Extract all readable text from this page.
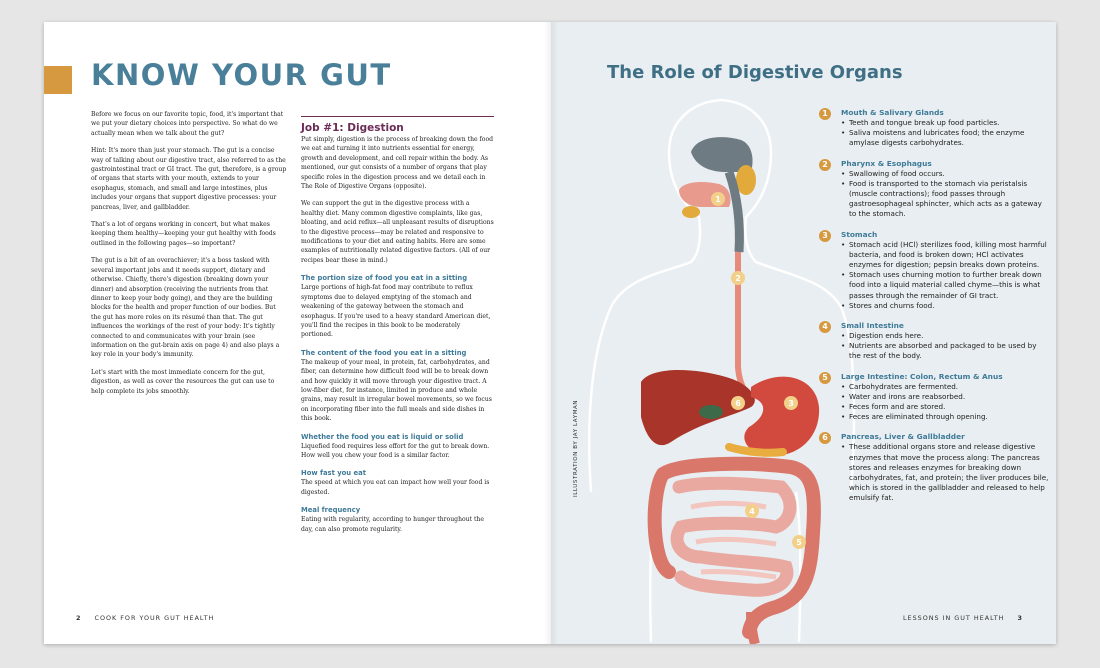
KNOW YOUR GUT

Before we focus on our favorite topic, food, it's important that we put your dietary choices into perspective. So what do we actually mean when we talk about the gut?

Hint: It's more than just your stomach. The gut is a concise way of talking about our digestive tract, also referred to as the gastrointestinal tract or GI tract. The gut, therefore, is a group of organs that starts with your mouth, extends to your esophagus, stomach, and small and large intestines, plus includes your organs that support digestive processes: your pancreas, liver, and gallbladder.

That's a lot of organs working in concert, but what makes keeping them healthy—keeping your gut healthy with foods outlined in the following pages—so important?

The gut is a bit of an overachiever; it's a boss tasked with several important jobs and it needs support, dietary and otherwise. Chiefly, there's digestion (breaking down your dinner) and absorption (receiving the nutrients from that dinner to keep your body going), and they are the building blocks for the health and proper function of our bodies. But the gut has more roles on its résumé than that. The gut influences the workings of the rest of your body: It's tightly connected to and communicates with your brain (see information on the gut-brain axis on page 4) and also plays a key role in your body's immunity.

Let's start with the most immediate concern for the gut, digestion, as well as cover the resources the gut can use to help complete its jobs smoothly.

Job #1: Digestion

Put simply, digestion is the process of breaking down the food we eat and turning it into nutrients essential for energy, growth and development, and cell repair within the body. As mentioned, our gut consists of a number of organs that play specific roles in the digestion process and we detail each in The Role of Digestive Organs (opposite).

We can support the gut in the digestive process with a healthy diet. Many common digestive complaints, like gas, bloating, and acid reflux—all unpleasant results of disruptions to the digestive process—may be related and responsive to modifications to your diet and eating habits. Here are some examples of nutritionally related digestive factors. (All of our recipes bear these in mind.)

The portion size of food you eat in a sitting

Large portions of high-fat food may contribute to reflux symptoms due to delayed emptying of the stomach and weakening of the gateway between the stomach and esophagus. If you're used to a heavy standard American diet, you'll find the recipes in this book to be moderately portioned.

The content of the food you eat in a sitting

The makeup of your meal, in protein, fat, carbohydrates, and fiber, can determine how difficult food will be to break down and how quickly it will move through your digestive tract. A low-fiber diet, for instance, limited in produce and whole grains, may result in irregular bowel movements, so we focus on incorporating fiber into the full meals and side dishes in this book.

Whether the food you eat is liquid or solid

Liquefied food requires less effort for the gut to break down. How well you chew your food is a similar factor.

How fast you eat

The speed at which you eat can impact how well your food is digested.

Meal frequency

Eating with regularity, according to hunger throughout the day, can also promote regularity.

2 COOK FOR YOUR GUT HEALTH
The Role of Digestive Organs
ILLUSTRATION BY JAY LAYMAN
1
2
3
4
5
6
1	Mouth & Salivary Glands
• Teeth and tongue break up food particles.
• Saliva moistens and lubricates food; the enzyme amylase digests carbohydrates.
2	Pharynx & Esophagus
• Swallowing of food occurs.
• Food is transported to the stomach via peristalsis (muscle contractions); food passes through gastroesophageal sphincter, which acts as a gateway to the stomach.
3	Stomach
• Stomach acid (HCl) sterilizes food, killing most harmful bacteria, and food is broken down; HCl activates enzymes for digestion; pepsin breaks down proteins.
• Stomach uses churning motion to further break down food into a liquid material called chyme—this is what passes through the remainder of GI tract.
• Stores and churns food.
4	Small Intestine
• Digestion ends here.
• Nutrients are absorbed and packaged to be used by the rest of the body.
5	Large Intestine: Colon, Rectum & Anus
• Carbohydrates are fermented.
• Water and irons are reabsorbed.
• Feces form and are stored.
• Feces are eliminated through opening.
6	Pancreas, Liver & Gallbladder
• These additional organs store and release digestive enzymes that move the process along: The pancreas stores and releases enzymes for breaking down carbohydrates, fat, and protein; the liver produces bile, which is stored in the gallbladder and released to help emulsify fat.
LESSONS IN GUT HEALTH 3
